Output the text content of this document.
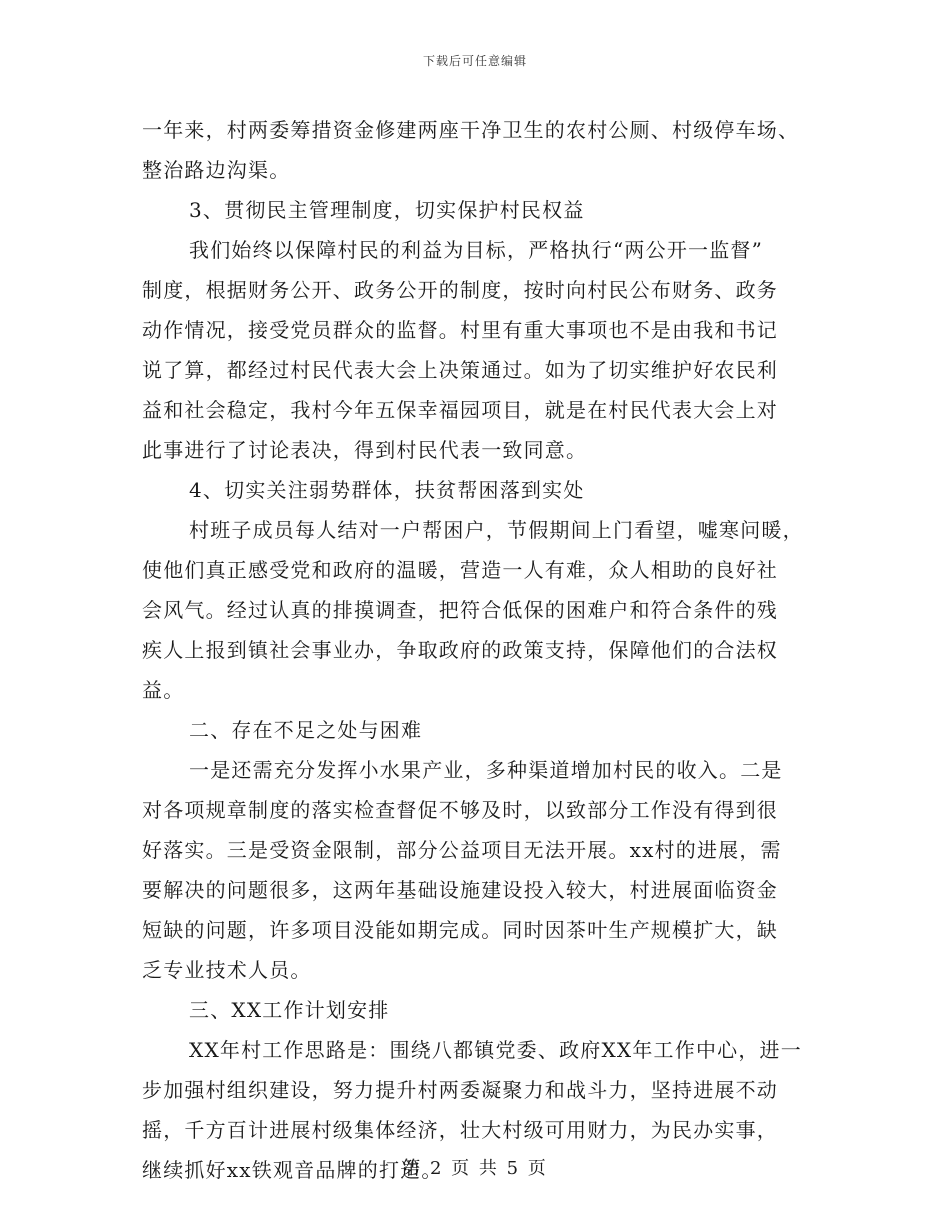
下载后可任意编辑
一年来，村两委筹措资金修建两座干净卫生的农村公厕、村级停车场、
整治路边沟渠。
3、贯彻民主管理制度，切实保护村民权益
我们始终以保障村民的利益为目标，严格执行“两公开一监督”
制度，根据财务公开、政务公开的制度，按时向村民公布财务、政务
动作情况，接受党员群众的监督。村里有重大事项也不是由我和书记
说了算，都经过村民代表大会上决策通过。如为了切实维护好农民利
益和社会稳定，我村今年五保幸福园项目，就是在村民代表大会上对
此事进行了讨论表决，得到村民代表一致同意。
4、切实关注弱势群体，扶贫帮困落到实处
村班子成员每人结对一户帮困户，节假期间上门看望，嘘寒问暖，
使他们真正感受党和政府的温暖，营造一人有难，众人相助的良好社
会风气。经过认真的排摸调查，把符合低保的困难户和符合条件的残
疾人上报到镇社会事业办，争取政府的政策支持，保障他们的合法权
益。
二、存在不足之处与困难
一是还需充分发挥小水果产业，多种渠道增加村民的收入。二是
对各项规章制度的落实检查督促不够及时，以致部分工作没有得到很
好落实。三是受资金限制，部分公益项目无法开展。xx村的进展，需
要解决的问题很多，这两年基础设施建设投入较大，村进展面临资金
短缺的问题，许多项目没能如期完成。同时因茶叶生产规模扩大，缺
乏专业技术人员。
三、XX工作计划安排
XX年村工作思路是：围绕八都镇党委、政府XX年工作中心，进一
步加强村组织建设，努力提升村两委凝聚力和战斗力，坚持进展不动
摇，千方百计进展村级集体经济，壮大村级可用财力，为民办实事，
继续抓好xx铁观音品牌的打造。
第 2 页 共 5 页
